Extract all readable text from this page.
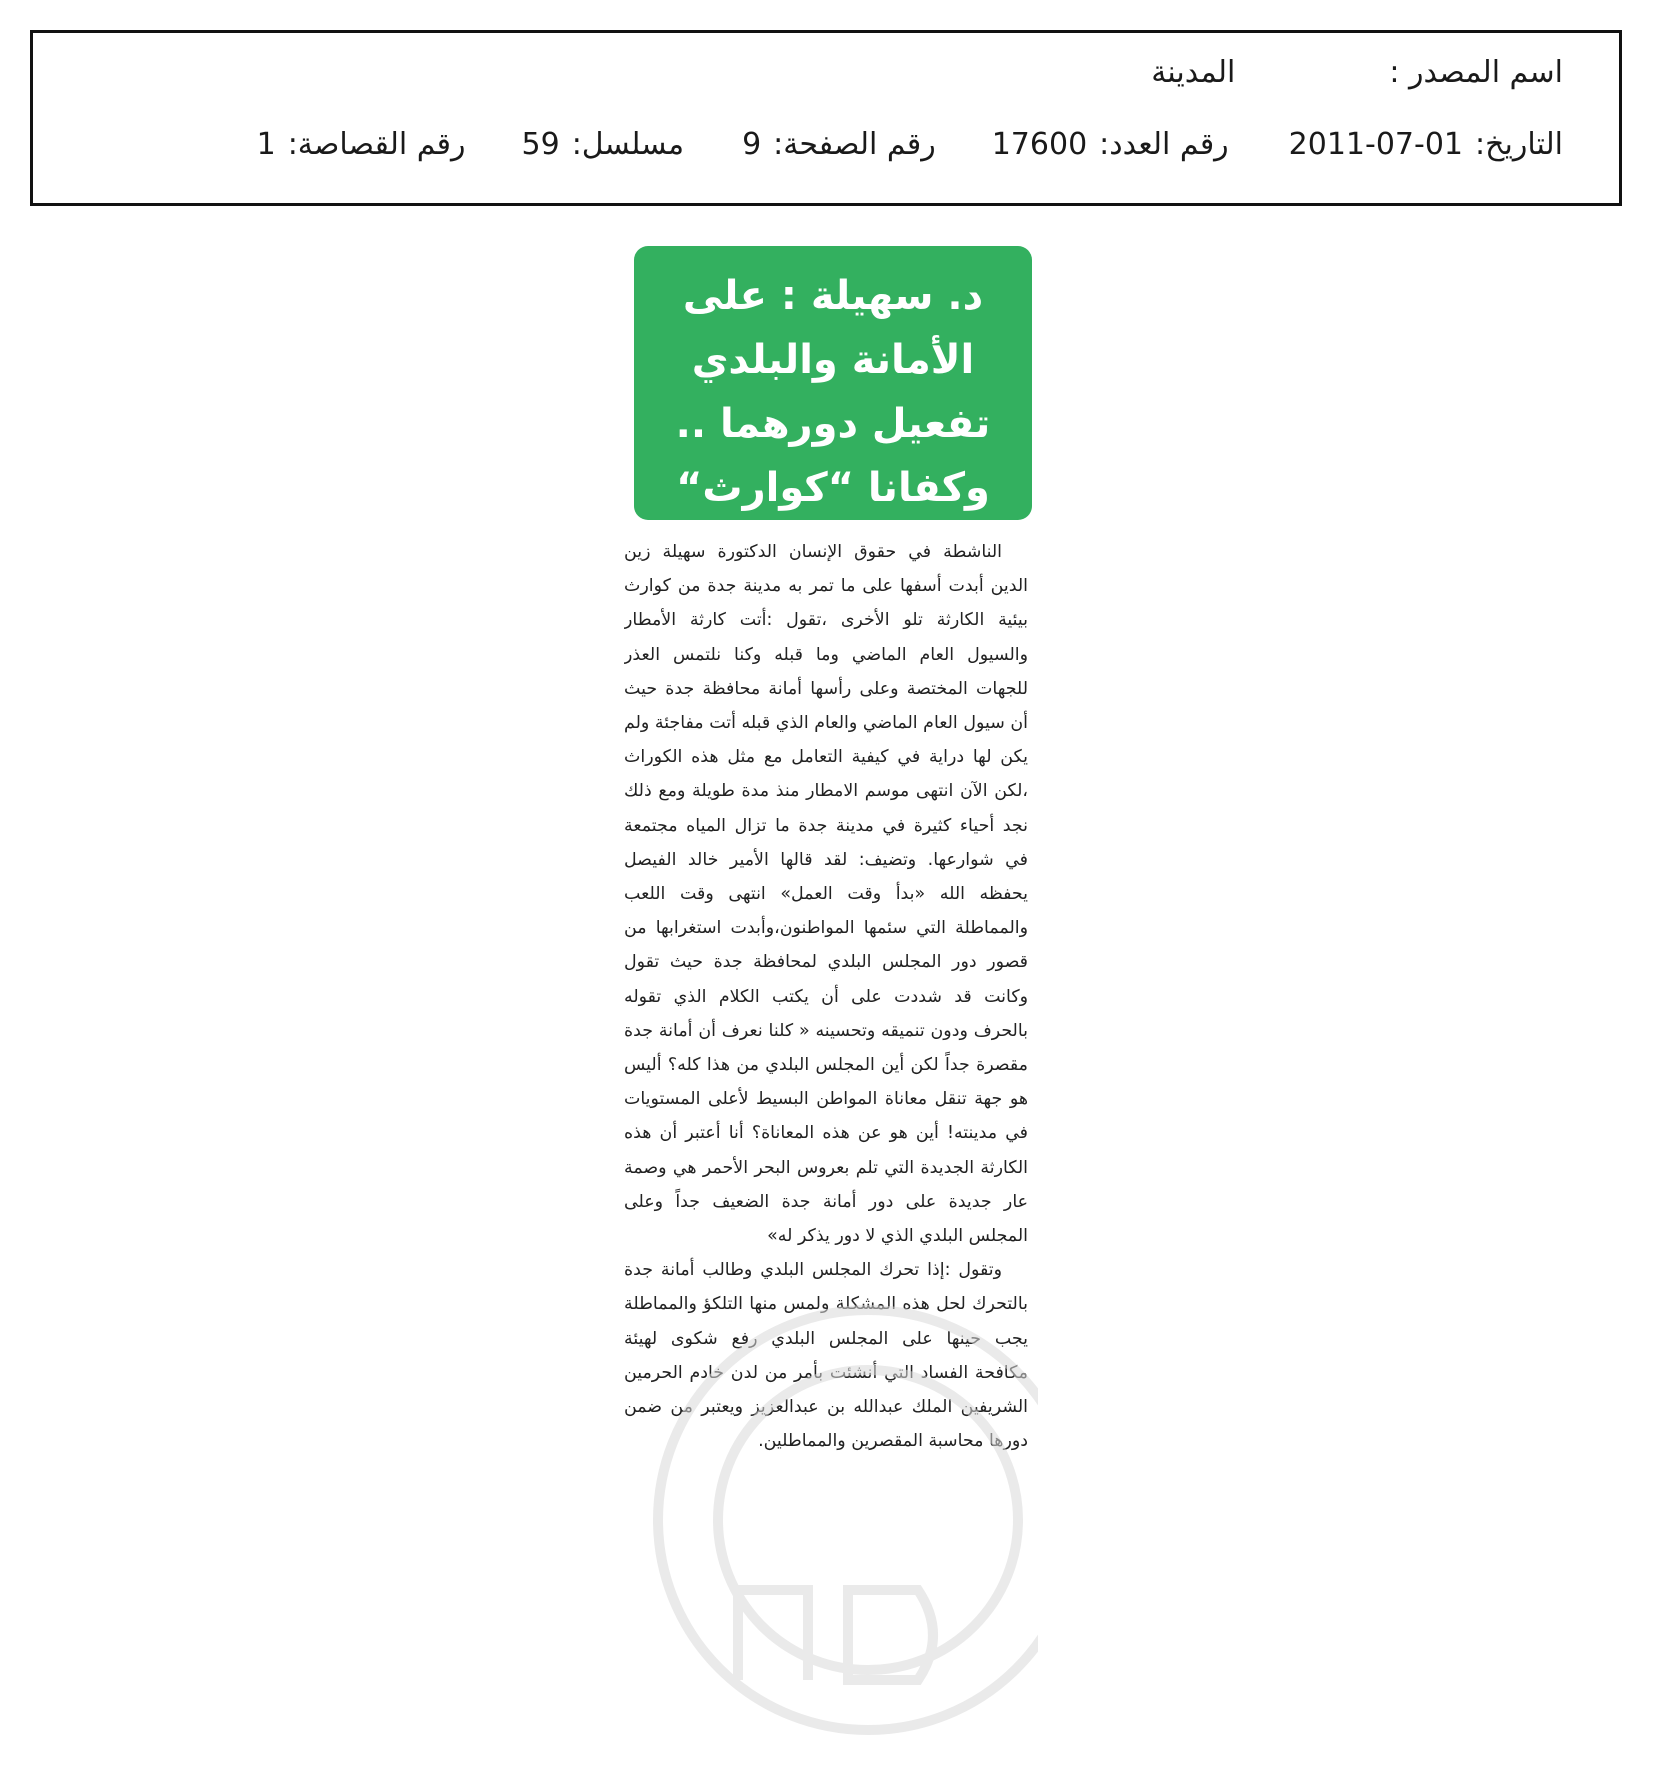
اسم المصدر :
المدينة
التاريخ:
2011-07-01
رقم العدد:
17600
رقم الصفحة:
9
مسلسل:
59
رقم القصاصة:
1
د. سهيلة : على
الأمانة والبلدي
تفعيل دورهما ..
وكفانا “كوارث“

الناشطة في حقوق الإنسان الدكتورة سهيلة زين الدين أبدت أسفها على ما تمر به مدينة جدة من كوارث بيئية الكارثة تلو الأخرى ،تقول :أتت كارثة الأمطار والسيول العام الماضي وما قبله وكنا نلتمس العذر للجهات المختصة وعلى رأسها أمانة محافظة جدة حيث أن سيول العام الماضي والعام الذي قبله أتت مفاجئة ولم يكن لها دراية في كيفية التعامل مع مثل هذه الكوراث ،لكن الآن انتهى موسم الامطار منذ مدة طويلة ومع ذلك نجد أحياء كثيرة في مدينة جدة ما تزال المياه مجتمعة في شوارعها. وتضيف: لقد قالها الأمير خالد الفيصل يحفظه الله «بدأ وقت العمل» انتهى وقت اللعب والمماطلة التي سئمها المواطنون،وأبدت استغرابها من قصور دور المجلس البلدي لمحافظة جدة حيث تقول وكانت قد شددت على أن يكتب الكلام الذي تقوله بالحرف ودون تنميقه وتحسينه « كلنا نعرف أن أمانة جدة مقصرة جداً لكن أين المجلس البلدي من هذا كله؟ أليس هو جهة تنقل معاناة المواطن البسيط لأعلى المستويات في مدينته! أين هو عن هذه المعاناة؟ أنا أعتبر أن هذه الكارثة الجديدة التي تلم بعروس البحر الأحمر هي وصمة عار جديدة على دور أمانة جدة الضعيف جداً وعلى المجلس البلدي الذي لا دور يذكر له»

وتقول :إذا تحرك المجلس البلدي وطالب أمانة جدة بالتحرك لحل هذه المشكلة ولمس منها التلكؤ والمماطلة يجب حينها على المجلس البلدي رفع شكوى لهيئة مكافحة الفساد التي أنشئت بأمر من لدن خادم الحرمين الشريفين الملك عبدالله بن عبدالعزيز ويعتبر من ضمن دورها محاسبة المقصرين والمماطلين.
